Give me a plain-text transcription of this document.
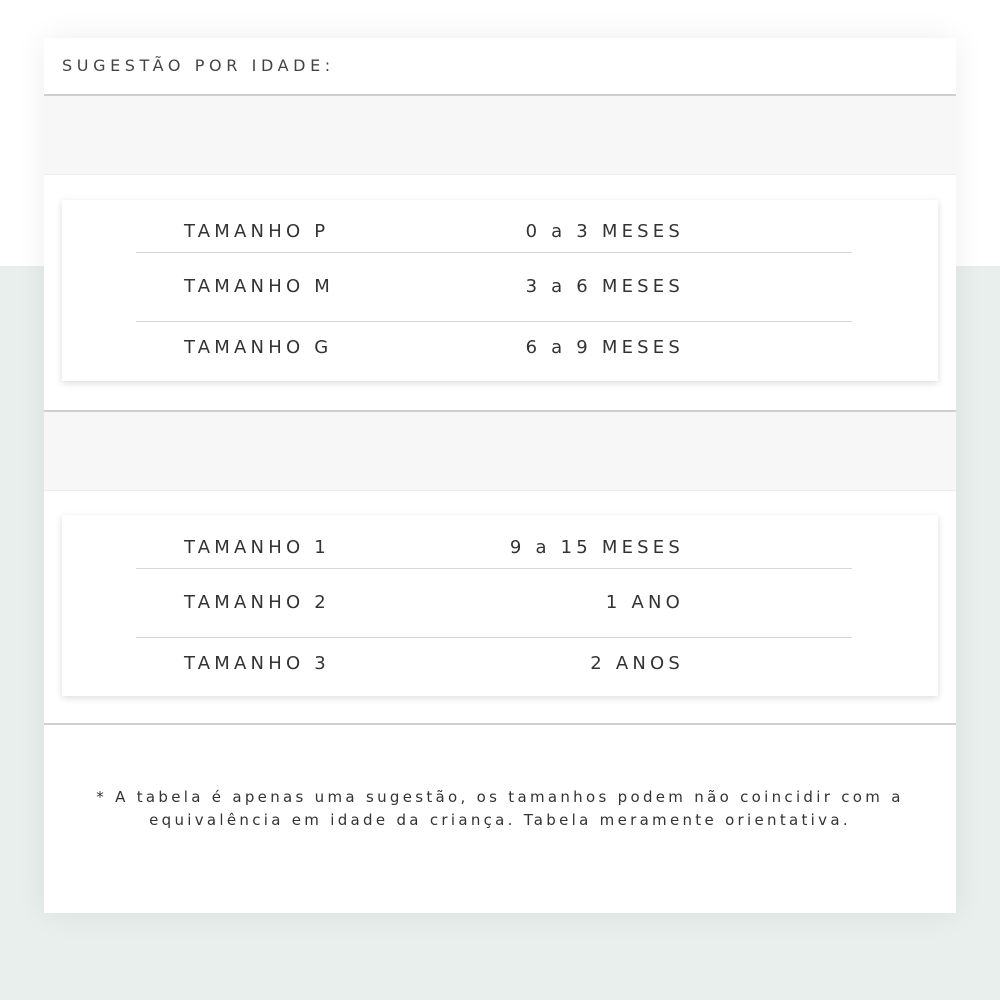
SUGESTÃO POR IDADE:
TAMANHO P	0 a 3 MESES
TAMANHO M	3 a 6 MESES
TAMANHO G	6 a 9 MESES
TAMANHO 1	9 a 15 MESES
TAMANHO 2	1 ANO
TAMANHO 3	2 ANOS
* A tabela é apenas uma sugestão, os tamanhos podem não coincidir com a
equivalência em idade da criança. Tabela meramente orientativa.
